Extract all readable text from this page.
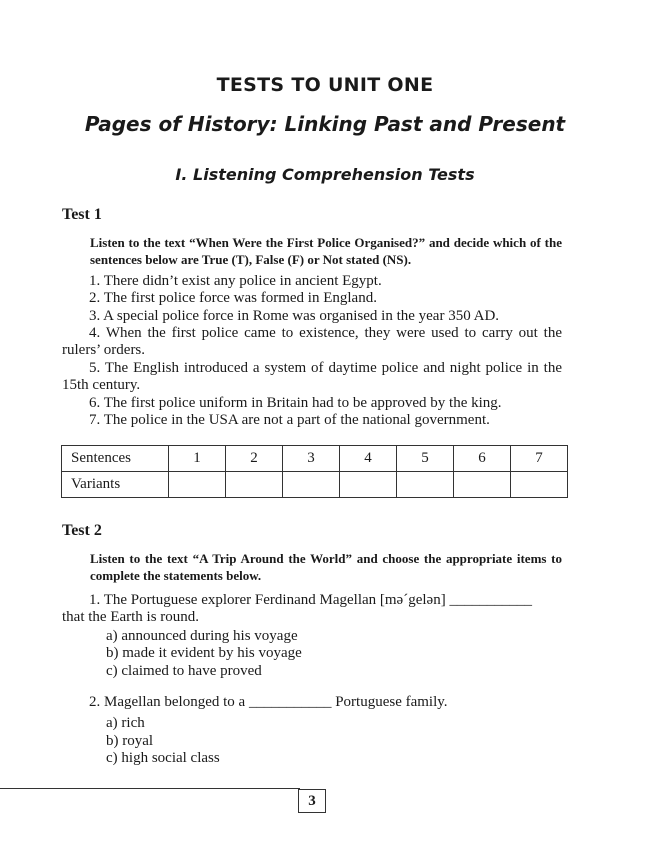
TESTS TO UNIT ONE
Pages of History: Linking Past and Present
I. Listening Comprehension Tests
Test 1
Listen to the text “When Were the First Police Organised?” and decide which of the sentences below are True (T), False (F) or Not stated (NS).

1. There didn’t exist any police in ancient Egypt.

2. The first police force was formed in England.

3. A special police force in Rome was organised in the year 350 AD.

4. When the first police came to existence, they were used to carry out the rulers’ orders.

5. The English introduced a system of daytime police and night police in the 15th century.

6. The first police uniform in Britain had to be approved by the king.

7. The police in the USA are not a part of the national government.

Sentences	1	2	3	4	5	6	7
Variants							
Test 2
Listen to the text “A Trip Around the World” and choose the appropriate items to complete the statements below.

1. The Portuguese explorer Ferdinand Magellan [mə´gelən] ___________

that the Earth is round.

a) announced during his voyage
b) made it evident by his voyage
c) claimed to have proved

2. Magellan belonged to a ___________ Portuguese family.

a) rich
b) royal
c) high social class
3
